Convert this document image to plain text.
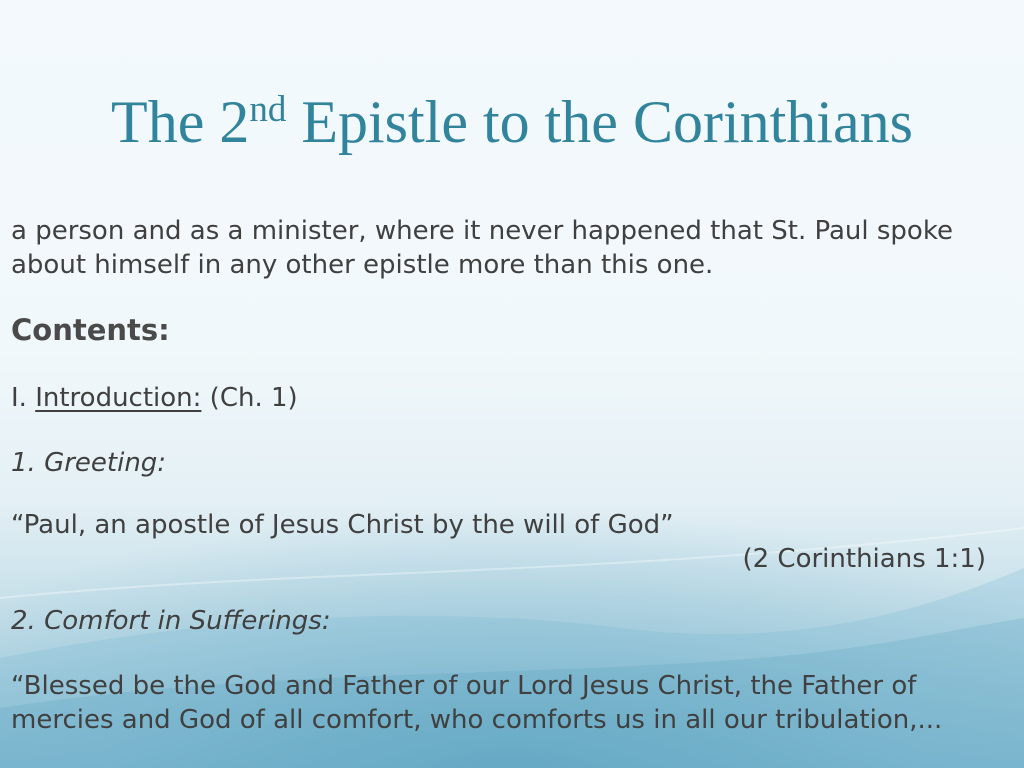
The 2nd Epistle to the Corinthians
a person and as a minister, where it never happened that St. Paul spoke
about himself in any other epistle more than this one.
Contents:
I. Introduction: (Ch. 1)
1. Greeting:
“Paul, an apostle of Jesus Christ by the will of God”
(2 Corinthians 1:1)
2. Comfort in Sufferings:
“Blessed be the God and Father of our Lord Jesus Christ, the Father of
mercies and God of all comfort, who comforts us in all our tribulation,...
